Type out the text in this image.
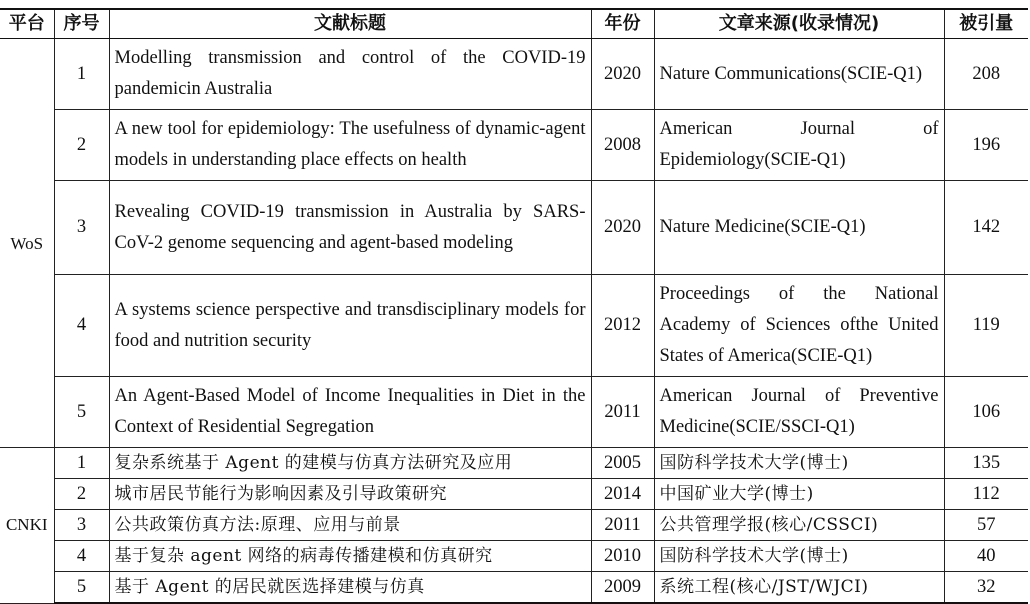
平台	序号	文献标题	年份	文章来源(收录情况)	被引量
WoS	1	Modelling transmission and control of the COVID-19 pandemicin Australia	2020	Nature Communications(SCIE-Q1)	208
	2	A new tool for epidemiology: The usefulness of dynamic-agent models in understanding place effects on health	2008	American Journal of Epidemiology(SCIE-Q1)	196
	3	Revealing COVID-19 transmission in Australia by SARS-CoV-2 genome sequencing and agent-based modeling	2020	Nature Medicine(SCIE-Q1)	142
	4	A systems science perspective and transdisciplinary models for food and nutrition security	2012	Proceedings of the National Academy of Sciences ofthe United States of America(SCIE-Q1)	119
	5	An Agent-Based Model of Income Inequalities in Diet in the Context of Residential Segregation	2011	American Journal of Preventive Medicine(SCIE/SSCI-Q1)	106
CNKI	1	复杂系统基于 Agent 的建模与仿真方法研究及应用	2005	国防科学技术大学(博士)	135
	2	城市居民节能行为影响因素及引导政策研究	2014	中国矿业大学(博士)	112
	3	公共政策仿真方法:原理、应用与前景	2011	公共管理学报(核心/CSSCI)	57
	4	基于复杂 agent 网络的病毒传播建模和仿真研究	2010	国防科学技术大学(博士)	40
	5	基于 Agent 的居民就医选择建模与仿真	2009	系统工程(核心/JST/WJCI)	32
